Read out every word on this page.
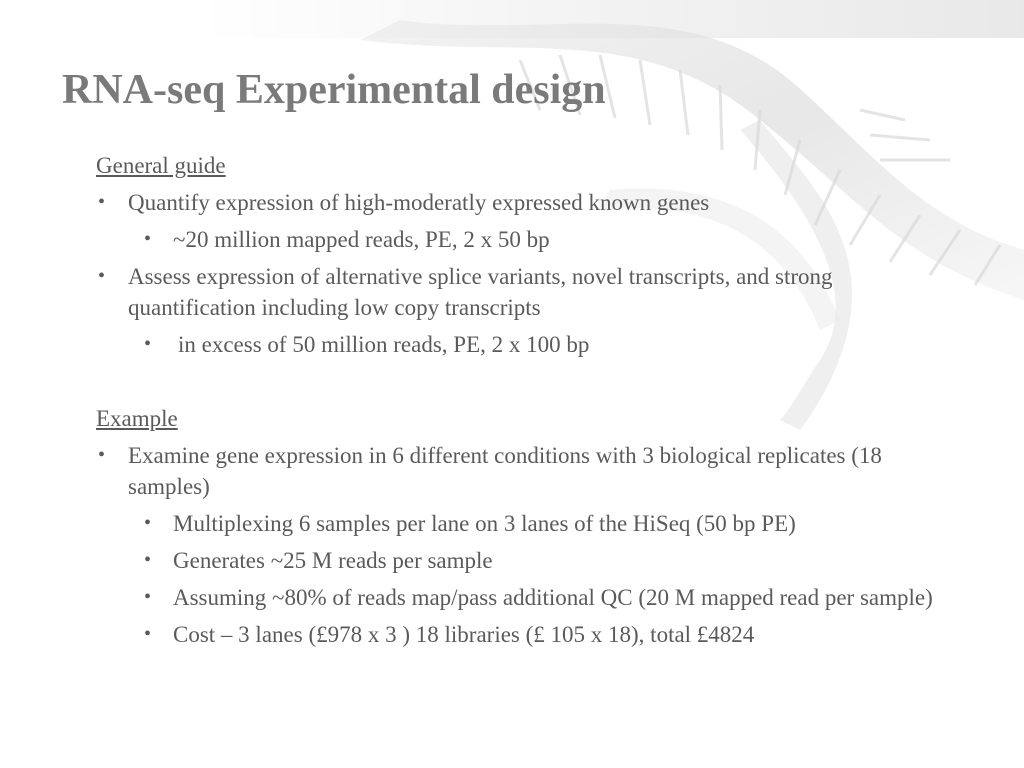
RNA-seq Experimental design
General guide
• Quantify expression of high-moderatly expressed known genes
• ~20 million mapped reads, PE, 2 x 50 bp
• Assess expression of alternative splice variants, novel transcripts, and strong quantification including low copy transcripts
• in excess of 50 million reads, PE, 2 x 100 bp
Example
• Examine gene expression in 6 different conditions with 3 biological replicates (18 samples)
• Multiplexing 6 samples per lane on 3 lanes of the HiSeq (50 bp PE)
• Generates ~25 M reads per sample
• Assuming ~80% of reads map/pass additional QC (20 M mapped read per sample)
• Cost – 3 lanes (£978 x 3 ) 18 libraries (£ 105 x 18), total £4824
